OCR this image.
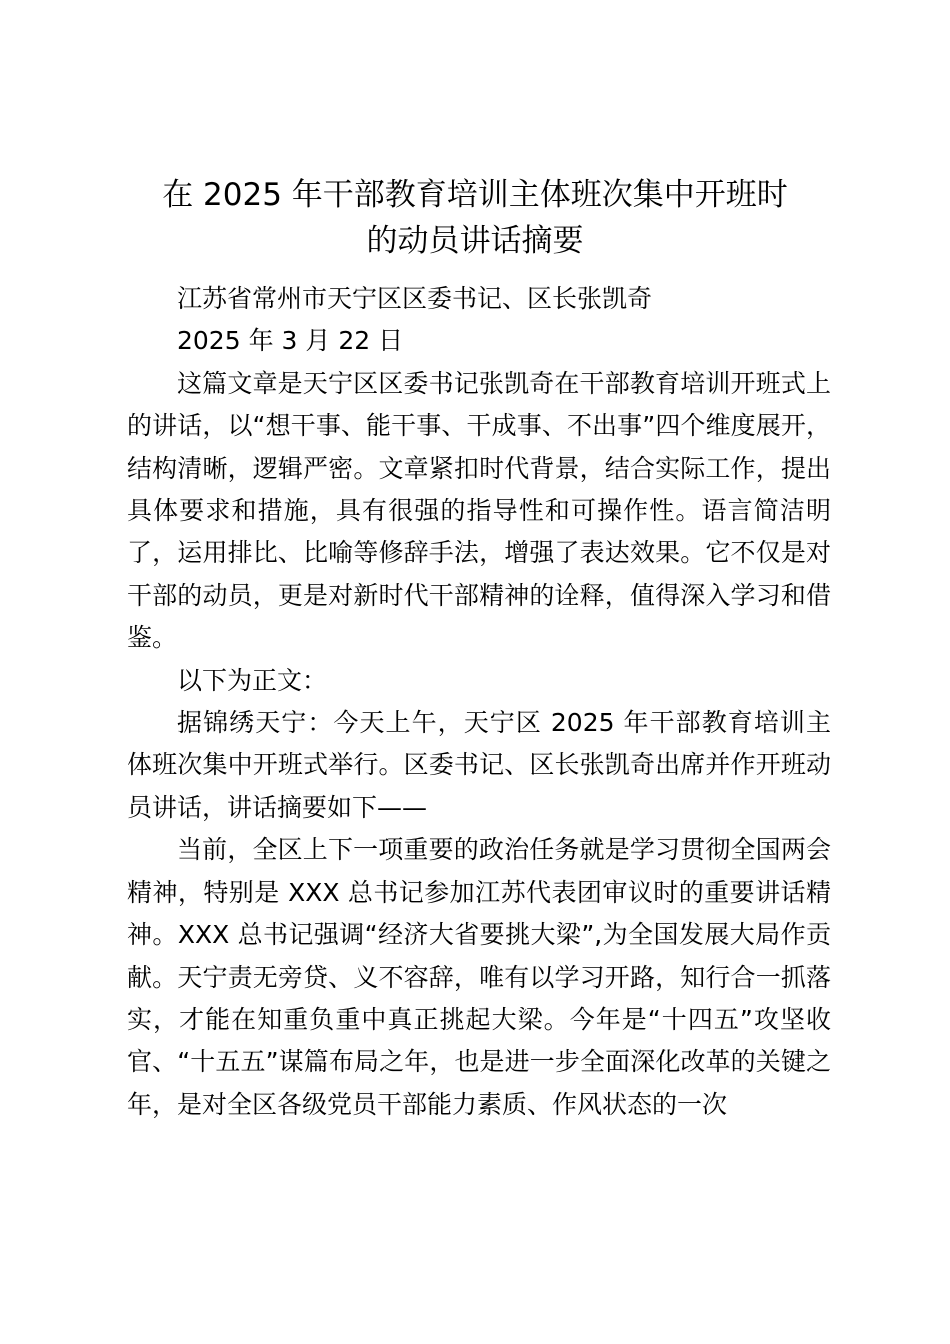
在 2025 年干部教育培训主体班次集中开班时
的动员讲话摘要

江苏省常州市天宁区区委书记、区长张凯奇

2025 年 3 月 22 日

这篇文章是天宁区区委书记张凯奇在干部教育培训开班式上的讲话，以“想干事、能干事、干成事、不出事”四个维度展开，结构清晰，逻辑严密。文章紧扣时代背景，结合实际工作，提出具体要求和措施，具有很强的指导性和可操作性。语言简洁明了，运用排比、比喻等修辞手法，增强了表达效果。它不仅是对干部的动员，更是对新时代干部精神的诠释，值得深入学习和借鉴。

以下为正文：

据锦绣天宁：今天上午，天宁区 2025 年干部教育培训主体班次集中开班式举行。区委书记、区长张凯奇出席并作开班动员讲话，讲话摘要如下——

当前，全区上下一项重要的政治任务就是学习贯彻全国两会精神，特别是 XXX 总书记参加江苏代表团审议时的重要讲话精神。XXX 总书记强调“经济大省要挑大梁”,为全国发展大局作贡献。天宁责无旁贷、义不容辞，唯有以学习开路，知行合一抓落实，才能在知重负重中真正挑起大梁。今年是“十四五”攻坚收官、“十五五”谋篇布局之年，也是进一步全面深化改革的关键之年，是对全区各级党员干部能力素质、作风状态的一次
